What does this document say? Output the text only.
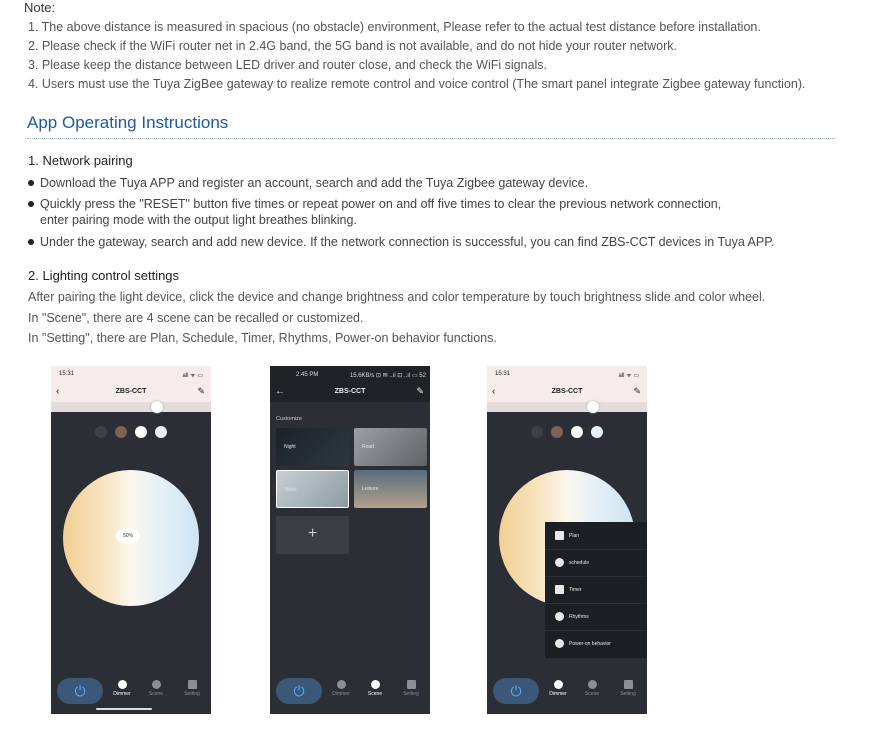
Note:
1. The above distance is measured in spacious (no obstacle) environment, Please refer to the actual test distance before installation.
2. Please check if the WiFi router net in 2.4G band, the 5G band is not available, and do not hide your router network.
3. Please keep the distance between LED driver and router close, and check the WiFi signals.
4. Users must use the Tuya ZigBee gateway to realize remote control and voice control (The smart panel integrate Zigbee gateway function).
App Operating Instructions
1. Network pairing
Download the Tuya APP and register an account, search and add the Tuya Zigbee gateway device.
Quickly press the "RESET" button five times or repeat power on and off five times to clear the previous network connection,
enter pairing mode with the output light breathes blinking.
Under the gateway, search and add new device. If the network connection is successful, you can find ZBS-CCT devices in Tuya APP.
2. Lighting control settings
After pairing the light device, click the device and change brightness and color temperature by touch brightness slide and color wheel.
In "Scene", there are 4 scene can be recalled or customized.
In "Setting", there are Plan, Schedule, Timer, Rhythms, Power-on behavior functions.
15:31	all ᯤ ▭
‹	ZBS-CCT	✎
50%
⏻	Dimmer	Scene	Setting
2:45 PM	15.6KB/s ⊡ ✉ ..ıl ⊡ ..ıl ▭ 52
←	ZBS-CCT	✎
Customize
Night	Read
Work	Leisure
+
⏻	Dimmer	Scene	Setting
15:31	all ᯤ ▭
‹	ZBS-CCT	✎
Plan
schedule
Timer
Rhythms
Power-on behavior
⏻	Dimmer	Scene	Setting
